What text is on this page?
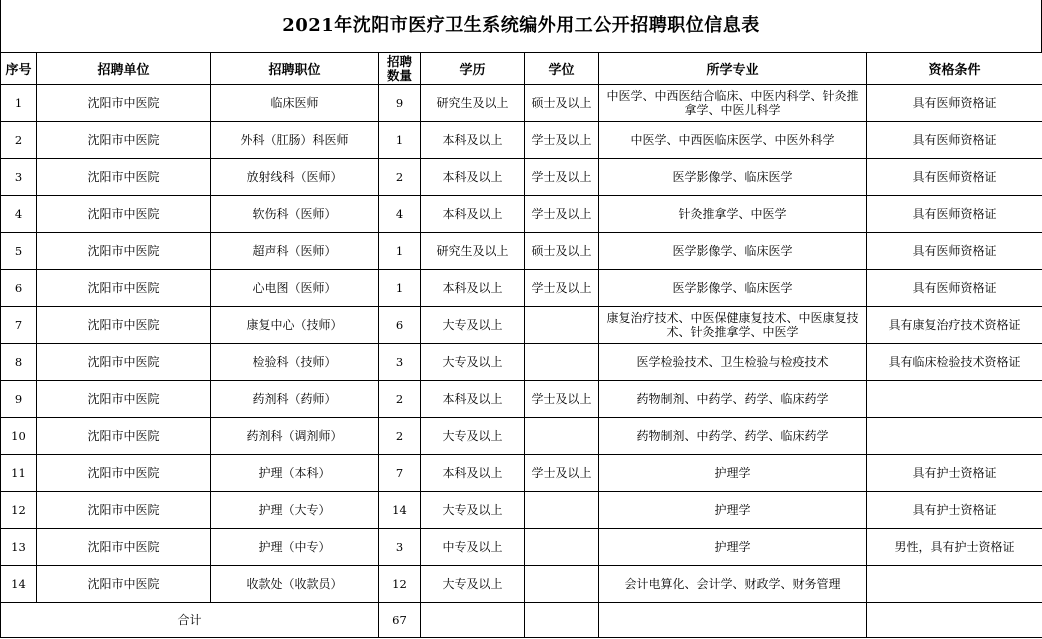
2021年沈阳市医疗卫生系统编外用工公开招聘职位信息表
序号	招聘单位	招聘职位	招聘数量	学历	学位	所学专业	资格条件
1	沈阳市中医院	临床医师	9	研究生及以上	硕士及以上	中医学、中西医结合临床、中医内科学、针灸推拿学、中医儿科学	具有医师资格证
2	沈阳市中医院	外科（肛肠）科医师	1	本科及以上	学士及以上	中医学、中西医临床医学、中医外科学	具有医师资格证
3	沈阳市中医院	放射线科（医师）	2	本科及以上	学士及以上	医学影像学、临床医学	具有医师资格证
4	沈阳市中医院	软伤科（医师）	4	本科及以上	学士及以上	针灸推拿学、中医学	具有医师资格证
5	沈阳市中医院	超声科（医师）	1	研究生及以上	硕士及以上	医学影像学、临床医学	具有医师资格证
6	沈阳市中医院	心电图（医师）	1	本科及以上	学士及以上	医学影像学、临床医学	具有医师资格证
7	沈阳市中医院	康复中心（技师）	6	大专及以上		康复治疗技术、中医保健康复技术、中医康复技术、针灸推拿学、中医学	具有康复治疗技术资格证
8	沈阳市中医院	检验科（技师）	3	大专及以上		医学检验技术、卫生检验与检疫技术	具有临床检验技术资格证
9	沈阳市中医院	药剂科（药师）	2	本科及以上	学士及以上	药物制剂、中药学、药学、临床药学	
10	沈阳市中医院	药剂科（调剂师）	2	大专及以上		药物制剂、中药学、药学、临床药学	
11	沈阳市中医院	护理（本科）	7	本科及以上	学士及以上	护理学	具有护士资格证
12	沈阳市中医院	护理（大专）	14	大专及以上		护理学	具有护士资格证
13	沈阳市中医院	护理（中专）	3	中专及以上		护理学	男性，具有护士资格证
14	沈阳市中医院	收款处（收款员）	12	大专及以上		会计电算化、会计学、财政学、财务管理	
合计			67				
